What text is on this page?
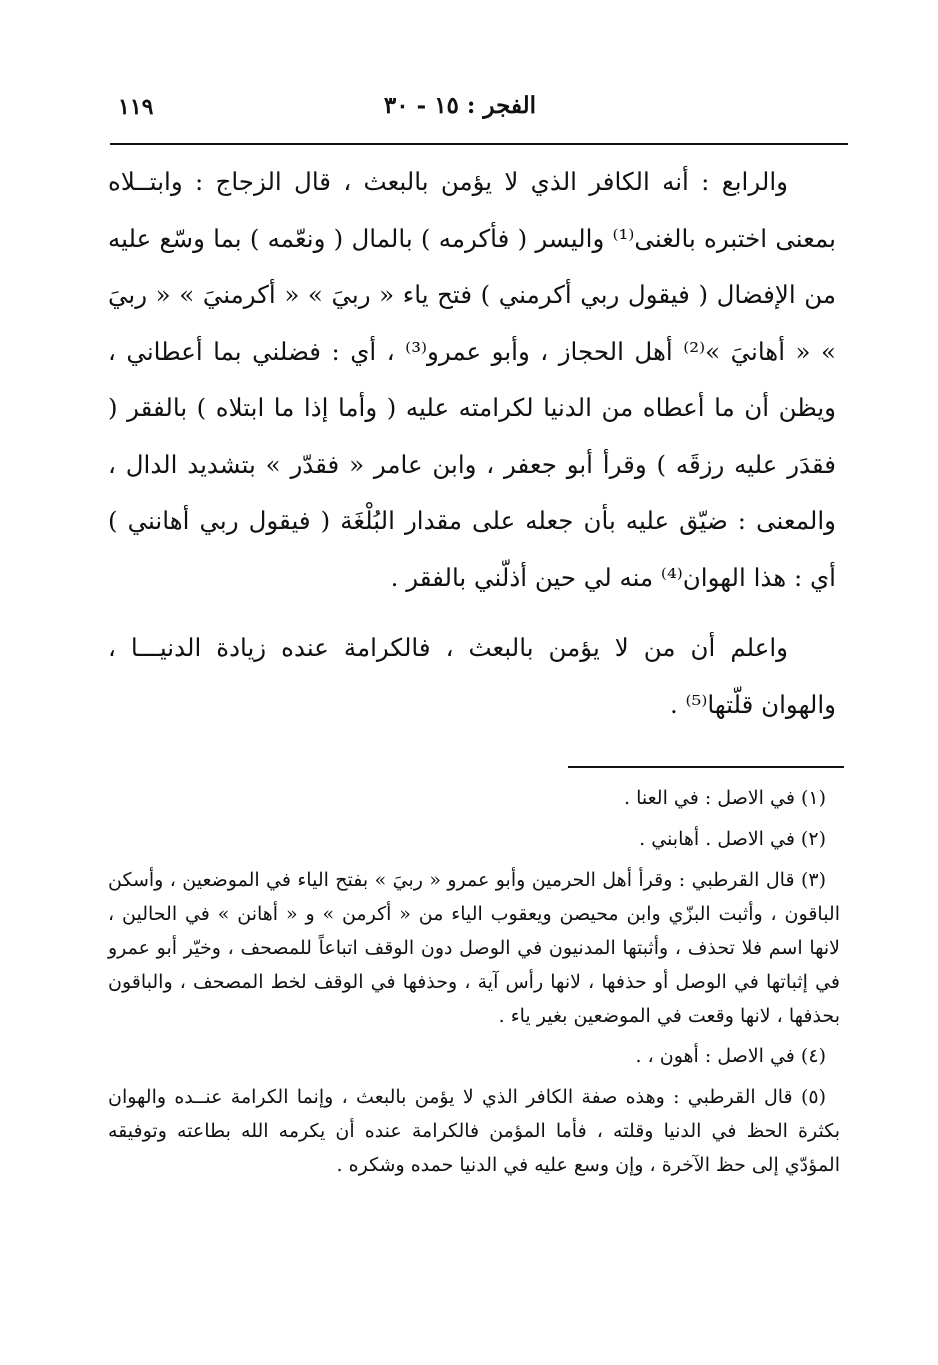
الفجر : ١٥ - ٣٠
١١٩

والرابع : أنه الكافر الذي لا يؤمن بالبعث ، قال الزجاج : وابتــلاه بمعنى اختبره بالغنى⁽¹⁾ واليسر ( فأكرمه ) بالمال ( ونعّمه ) بما وسّع عليه من الإفضال ( فيقول ربي أكرمني ) فتح ياء « ربيَ » « أكرمنيَ » « ربيَ » « أهانيَ »⁽²⁾ أهل الحجاز ، وأبو عمرو⁽³⁾ ، أي : فضلني بما أعطاني ، ويظن أن ما أعطاه من الدنيا لكرامته عليه ( وأما إذا ما ابتلاه ) بالفقر ( فقدَر عليه رزقَه ) وقرأ أبو جعفر ، وابن عامر « فقدّر » بتشديد الدال ، والمعنى : ضيّق عليه بأن جعله على مقدار البُلْغَة ( فيقول ربي أهانني ) أي : هذا الهوان⁽⁴⁾ منه لي حين أذلّني بالفقر .

واعلم أن من لا يؤمن بالبعث ، فالكرامة عنده زيادة الدنيـــا ، والهوان قلّتها⁽⁵⁾ .

(١) في الاصل : في العنا .

(٢) في الاصل . أهابني .

(٣) قال القرطبي : وقرأ أهل الحرمين وأبو عمرو « ربيَ » بفتح الياء في الموضعين ، وأسكن الباقون ، وأثبت البزّي وابن محيصن ويعقوب الياء من « أكرمن » و « أهانن » في الحالين ، لانها اسم فلا تحذف ، وأثبتها المدنيون في الوصل دون الوقف اتباعاً للمصحف ، وخيّر أبو عمرو في إثباتها في الوصل أو حذفها ، لانها رأس آية ، وحذفها في الوقف لخط المصحف ، والباقون بحذفها ، لانها وقعت في الموضعين بغير ياء .

(٤) في الاصل : أهون ، .

(٥) قال القرطبي : وهذه صفة الكافر الذي لا يؤمن بالبعث ، وإنما الكرامة عنــده والهوان بكثرة الحظ في الدنيا وقلته ، فأما المؤمن فالكرامة عنده أن يكرمه الله بطاعته وتوفيقه المؤدّي إلى حظ الآخرة ، وإن وسع عليه في الدنيا حمده وشكره .
